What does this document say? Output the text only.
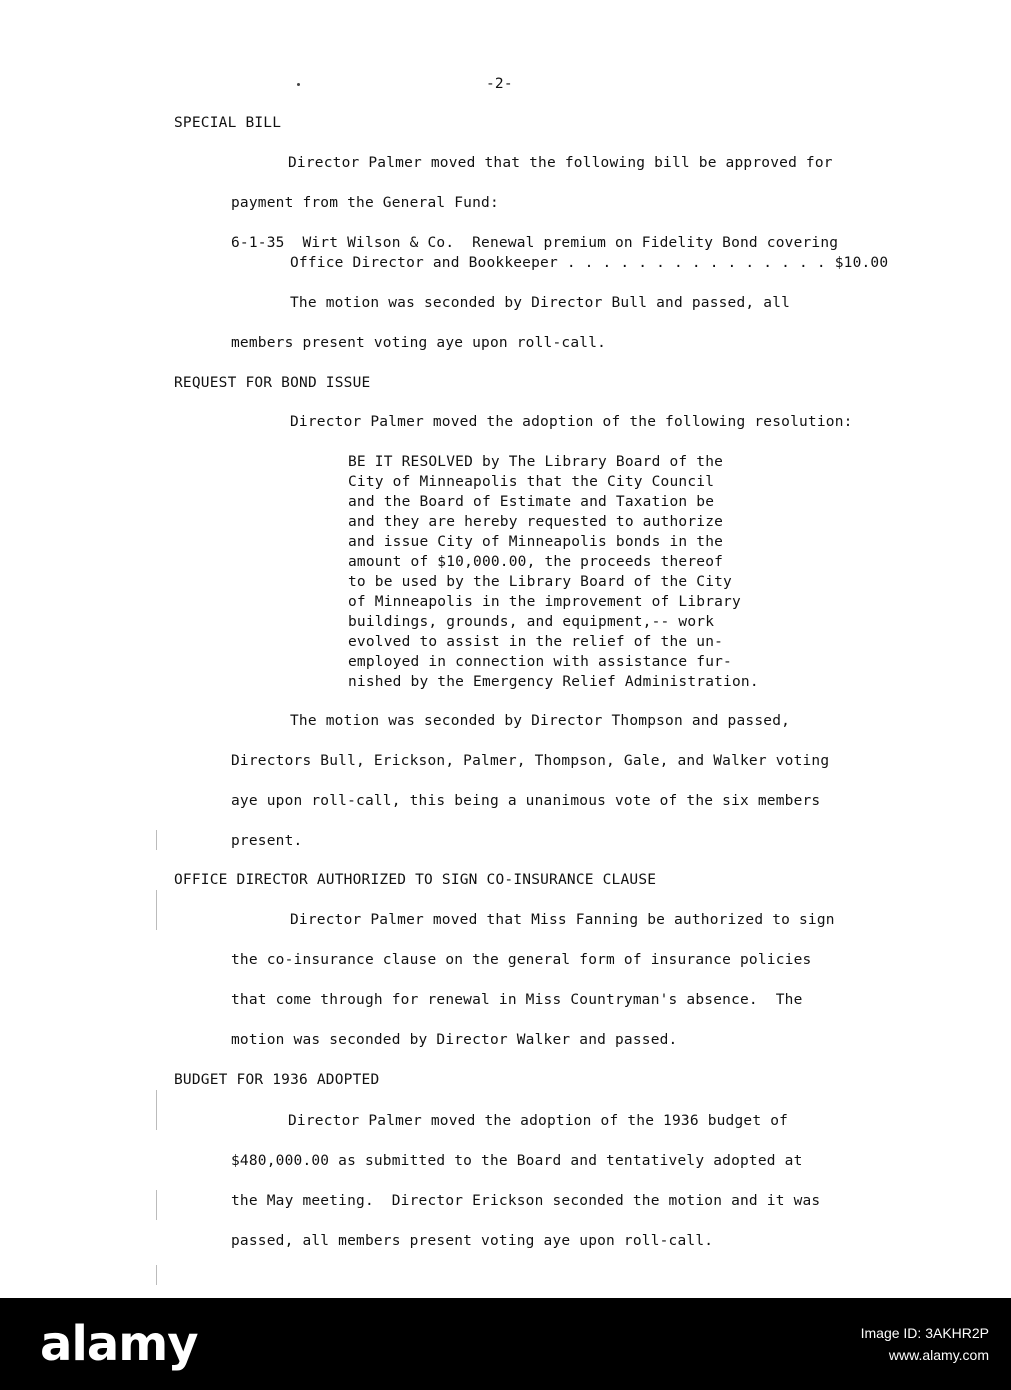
-2-
SPECIAL BILL
Director Palmer moved that the following bill be approved for
payment from the General Fund:
6-1-35  Wirt Wilson & Co.  Renewal premium on Fidelity Bond covering
Office Director and Bookkeeper . . . . . . . . . . . . . . . $10.00
The motion was seconded by Director Bull and passed, all
members present voting aye upon roll-call.
REQUEST FOR BOND ISSUE
Director Palmer moved the adoption of the following resolution:
BE IT RESOLVED by The Library Board of the
City of Minneapolis that the City Council
and the Board of Estimate and Taxation be
and they are hereby requested to authorize
and issue City of Minneapolis bonds in the
amount of $10,000.00, the proceeds thereof
to be used by the Library Board of the City
of Minneapolis in the improvement of Library
buildings, grounds, and equipment,-- work
evolved to assist in the relief of the un-
employed in connection with assistance fur-
nished by the Emergency Relief Administration.
The motion was seconded by Director Thompson and passed,
Directors Bull, Erickson, Palmer, Thompson, Gale, and Walker voting
aye upon roll-call, this being a unanimous vote of the six members
present.
OFFICE DIRECTOR AUTHORIZED TO SIGN CO-INSURANCE CLAUSE
Director Palmer moved that Miss Fanning be authorized to sign
the co-insurance clause on the general form of insurance policies
that come through for renewal in Miss Countryman's absence.  The
motion was seconded by Director Walker and passed.
BUDGET FOR 1936 ADOPTED
Director Palmer moved the adoption of the 1936 budget of
$480,000.00 as submitted to the Board and tentatively adopted at
the May meeting.  Director Erickson seconded the motion and it was
passed, all members present voting aye upon roll-call.
alamy	Image ID: 3AKHR2P
www.alamy.com
